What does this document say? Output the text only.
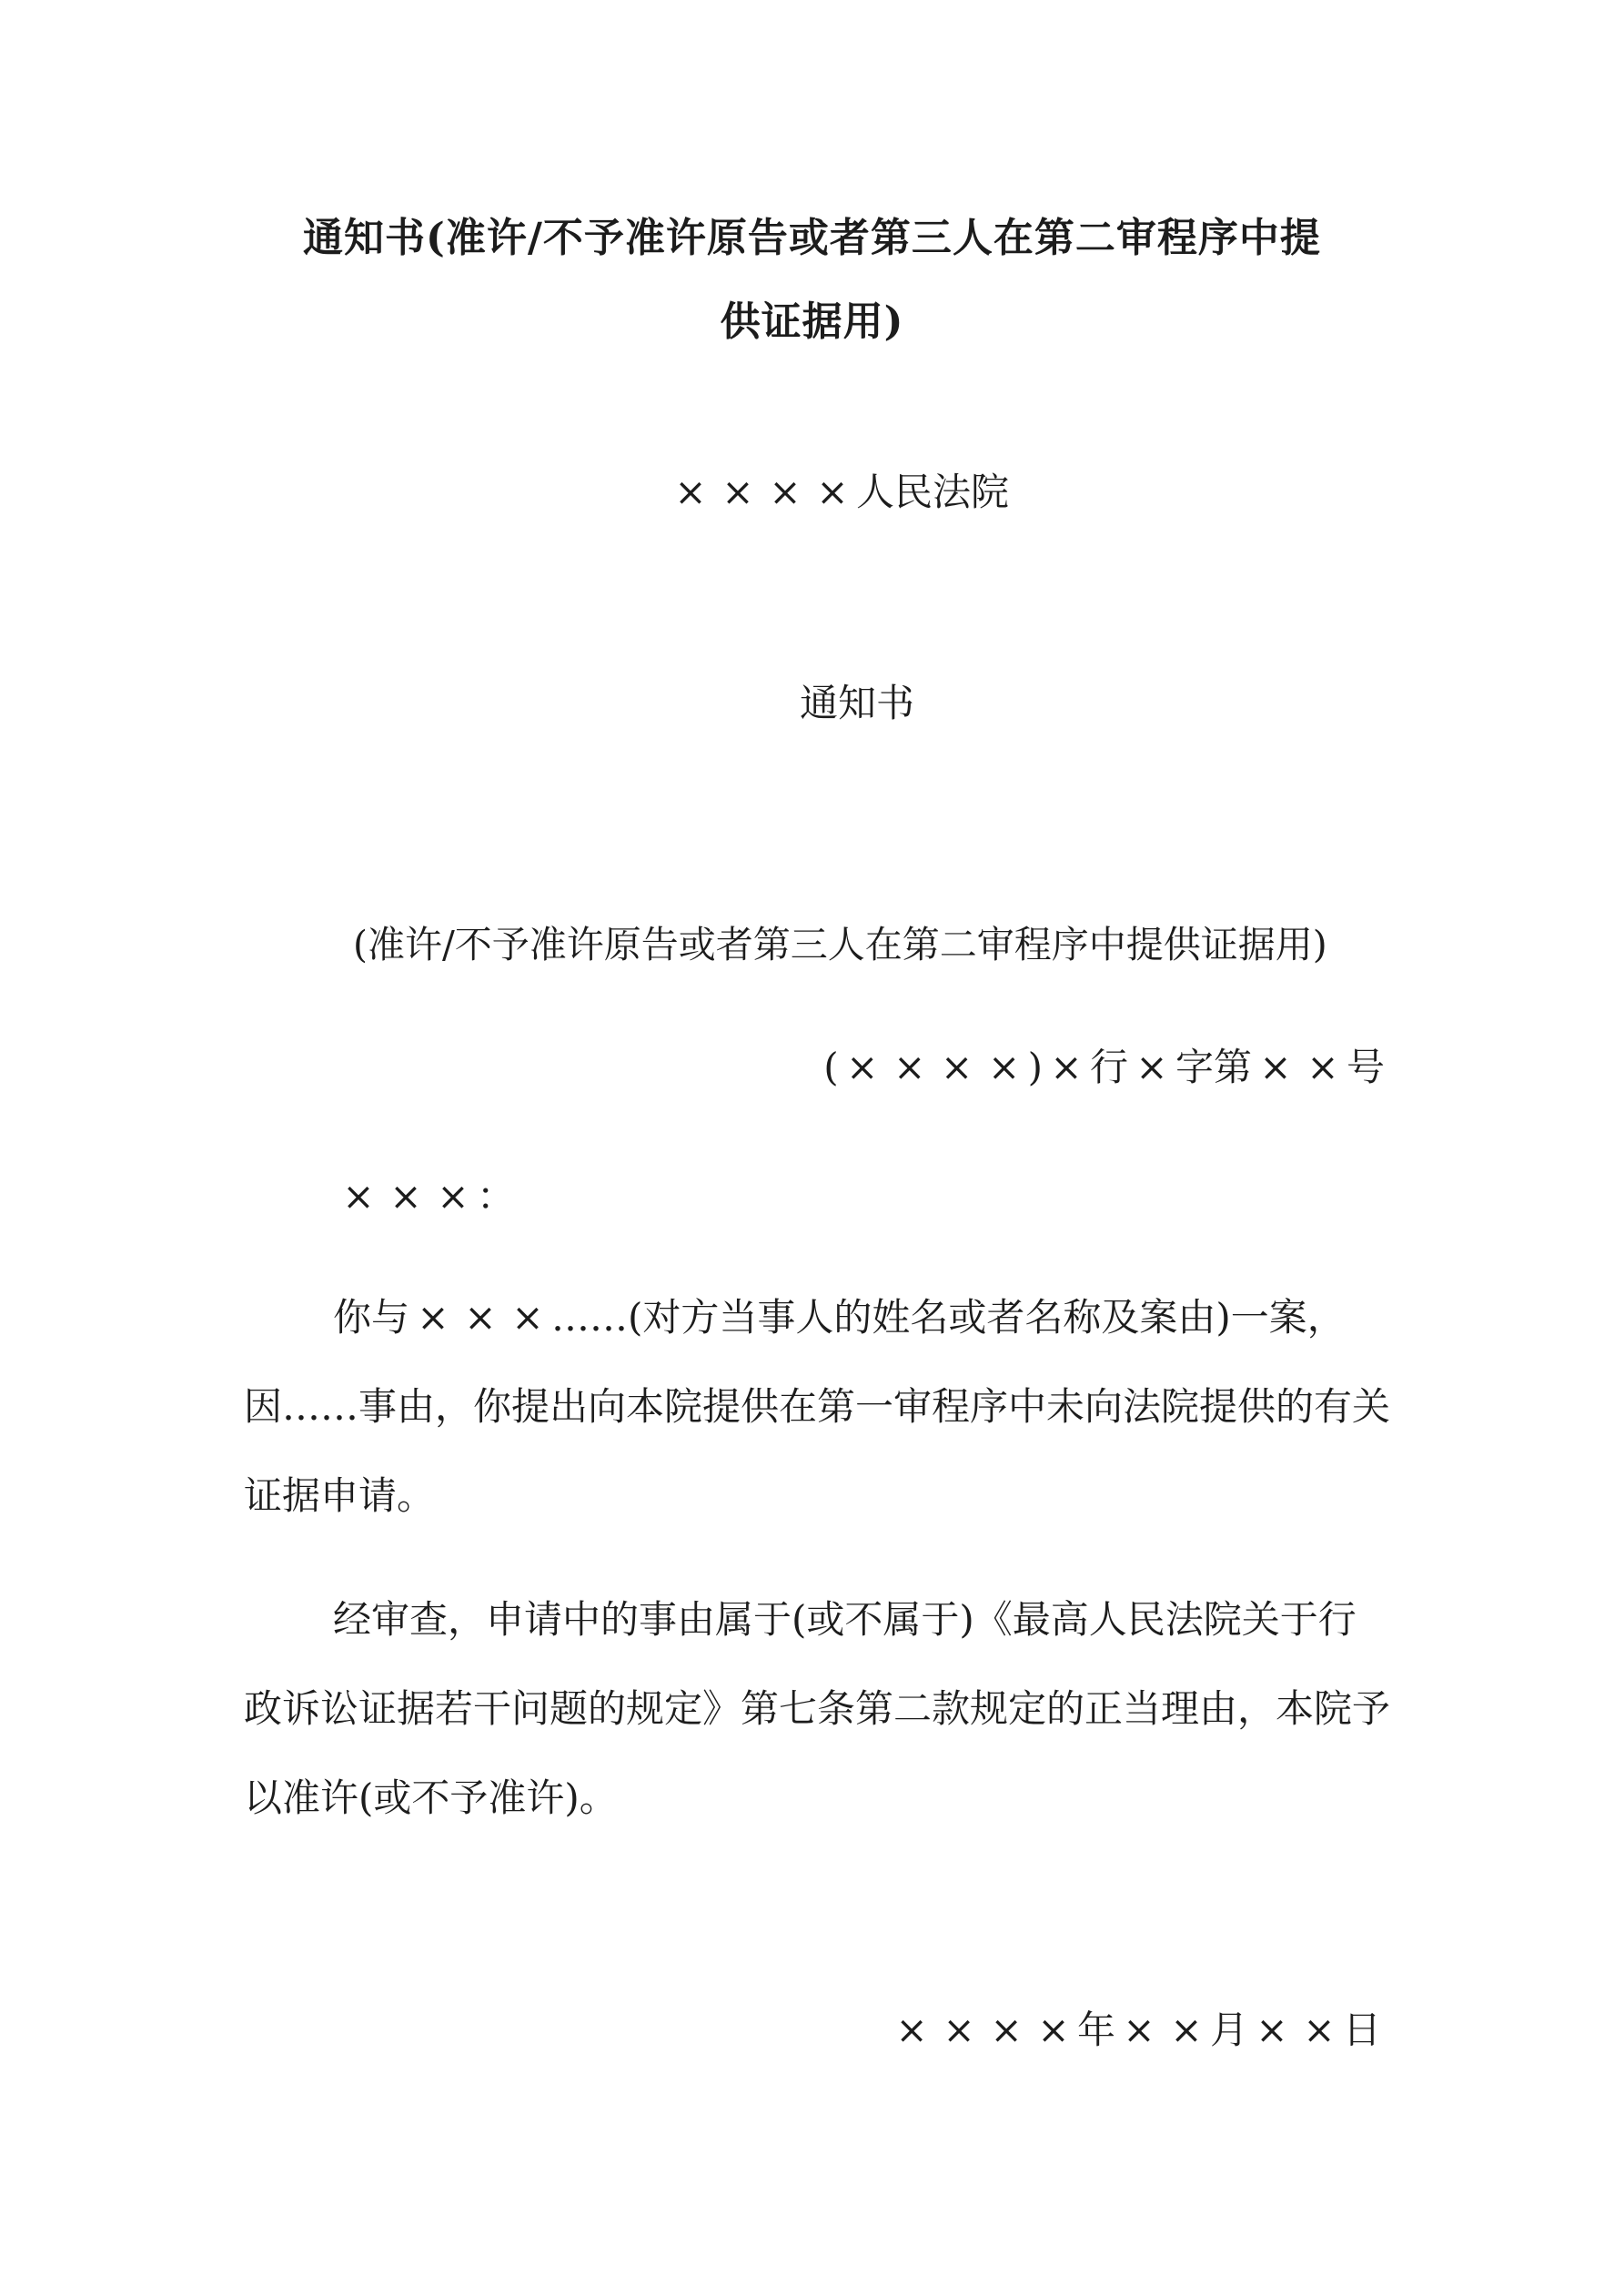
通知书(准许/不予准许原告或者第三人在第二审程序中提
供证据用)
× × × × 人民法院
通知书
(准许/不予准许原告或者第三人在第二审程序中提供证据用)
( × × × × ) × 行 × 字第 × × 号
× × × ：
你与 × × × ……(对方当事人的姓名或者名称及案由)一案，
因……事由，你提出向本院提供在第一审程序中未向法院提供的有关
证据申请。
经审查，申请中的事由属于(或不属于)《最高人民法院关于行
政诉讼证据若干问题的规定》第七条第二款规定的正当理由，本院予
以准许(或不予准许)。
× × × × 年 × × 月 × × 日
